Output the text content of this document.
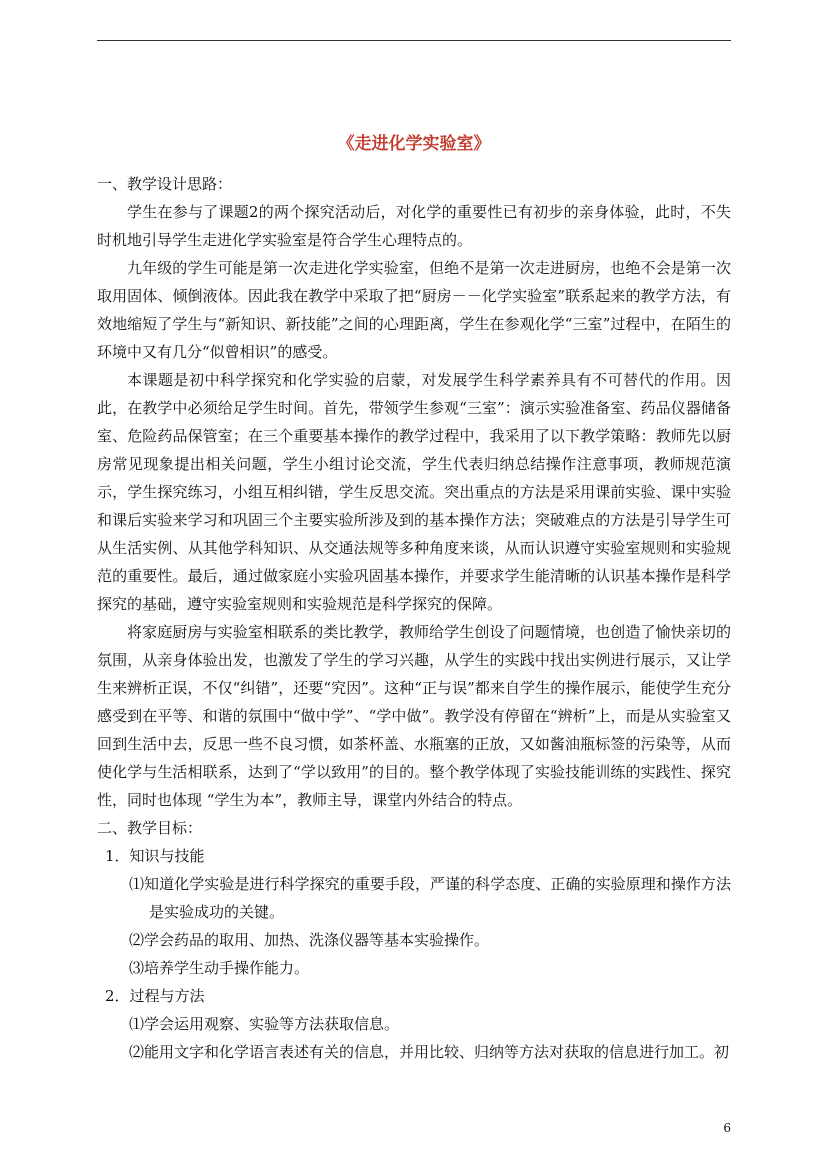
《走进化学实验室》

一、教学设计思路：

学生在参与了课题2的两个探究活动后，对化学的重要性已有初步的亲身体验，此时，不失时机地引导学生走进化学实验室是符合学生心理特点的。

九年级的学生可能是第一次走进化学实验室，但绝不是第一次走进厨房，也绝不会是第一次取用固体、倾倒液体。因此我在教学中采取了把“厨房－－化学实验室”联系起来的教学方法，有效地缩短了学生与“新知识、新技能”之间的心理距离，学生在参观化学“三室”过程中，在陌生的环境中又有几分“似曾相识”的感受。

本课题是初中科学探究和化学实验的启蒙，对发展学生科学素养具有不可替代的作用。因此，在教学中必须给足学生时间。首先，带领学生参观“三室”：演示实验准备室、药品仪器储备室、危险药品保管室；在三个重要基本操作的教学过程中，我采用了以下教学策略：教师先以厨房常见现象提出相关问题，学生小组讨论交流，学生代表归纳总结操作注意事项，教师规范演示，学生探究练习，小组互相纠错，学生反思交流。突出重点的方法是采用课前实验、课中实验和课后实验来学习和巩固三个主要实验所涉及到的基本操作方法；突破难点的方法是引导学生可从生活实例、从其他学科知识、从交通法规等多种角度来谈，从而认识遵守实验室规则和实验规范的重要性。最后，通过做家庭小实验巩固基本操作，并要求学生能清晰的认识基本操作是科学探究的基础，遵守实验室规则和实验规范是科学探究的保障。

将家庭厨房与实验室相联系的类比教学，教师给学生创设了问题情境，也创造了愉快亲切的氛围，从亲身体验出发，也激发了学生的学习兴趣，从学生的实践中找出实例进行展示，又让学生来辨析正误，不仅“纠错”，还要“究因”。这种“正与误”都来自学生的操作展示，能使学生充分感受到在平等、和谐的氛围中“做中学”、“学中做”。教学没有停留在“辨析”上，而是从实验室又回到生活中去，反思一些不良习惯，如茶杯盖、水瓶塞的正放，又如酱油瓶标签的污染等，从而使化学与生活相联系，达到了“学以致用”的目的。整个教学体现了实验技能训练的实践性、探究性，同时也体现 “学生为本”，教师主导，课堂内外结合的特点。

二、教学目标：

1．知识与技能

⑴知道化学实验是进行科学探究的重要手段，严谨的科学态度、正确的实验原理和操作方法是实验成功的关键。

⑵学会药品的取用、加热、洗涤仪器等基本实验操作。

⑶培养学生动手操作能力。

2．过程与方法

⑴学会运用观察、实验等方法获取信息。

⑵能用文字和化学语言表述有关的信息，并用比较、归纳等方法对获取的信息进行加工。初

6
